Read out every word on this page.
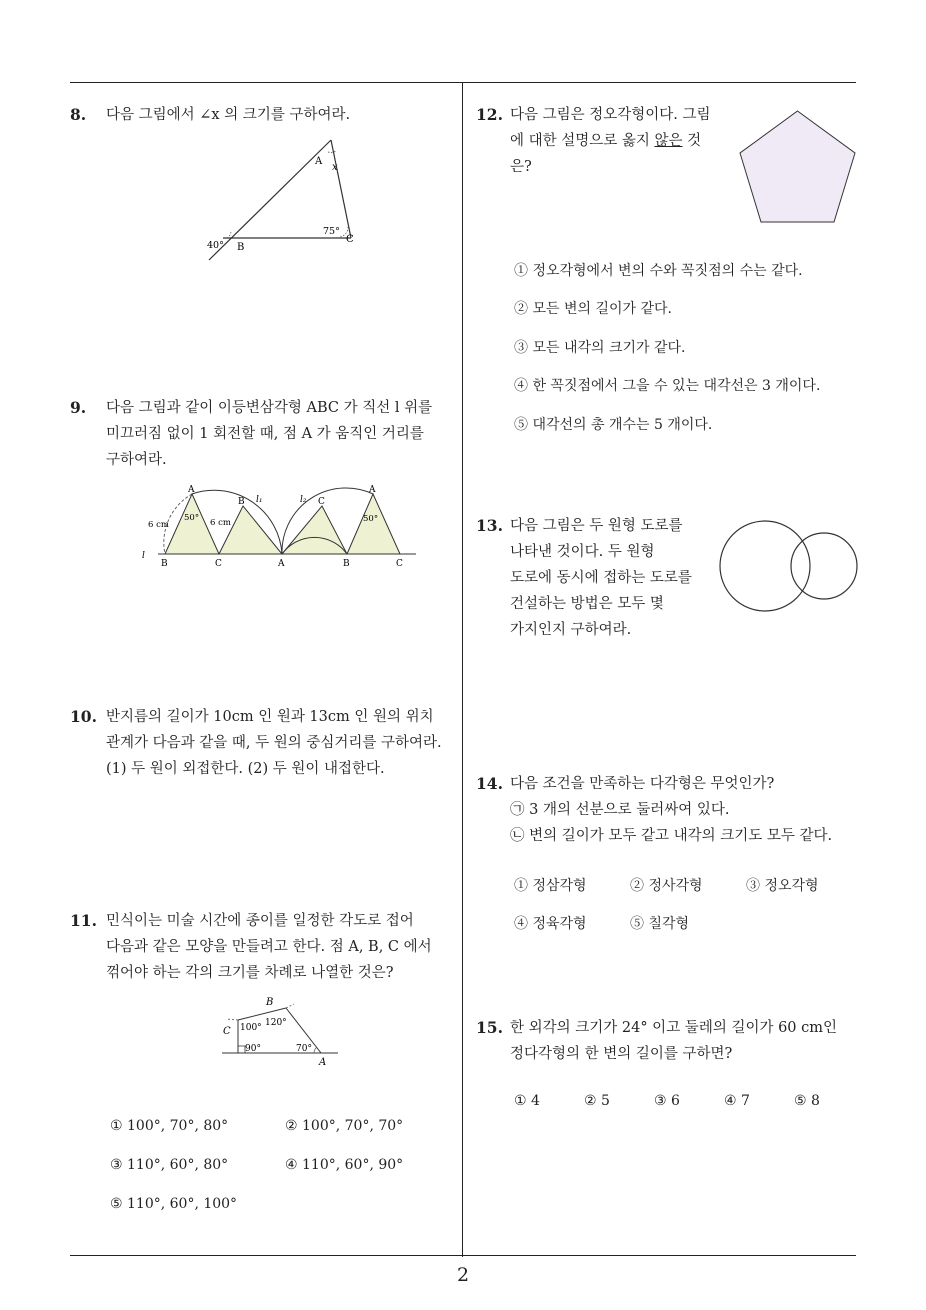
2
8. 다음 그림에서 ∠x 의 크기를 구하여라.
A
x
75°
C
40° B
9. 다음 그림과 같이 이등변삼각형 ABC 가 직선 l 위를
미끄러짐 없이 1 회전할 때, 점 A 가 움직인 거리를
구하여라.
A	A
B	C
l₁	l₂
50°	50°
6 cm	6 cm
l
B	C	A	B	C
10. 반지름의 길이가 10cm 인 원과 13cm 인 원의 위치
관계가 다음과 같을 때, 두 원의 중심거리를 구하여라.
(1) 두 원이 외접한다. (2) 두 원이 내접한다.
11. 민식이는 미술 시간에 종이를 일정한 각도로 접어
다음과 같은 모양을 만들려고 한다. 점 A, B, C 에서
꺾어야 하는 각의 크기를 차례로 나열한 것은?
B
C 100° 120°
90°	70°
A
① 100°, 70°, 80°	② 100°, 70°, 70°
③ 110°, 60°, 80°	④ 110°, 60°, 90°
⑤ 110°, 60°, 100°
12. 다음 그림은 정오각형이다. 그림
에 대한 설명으로 옳지 않은 것
은?
① 정오각형에서 변의 수와 꼭짓점의 수는 같다.
② 모든 변의 길이가 같다.
③ 모든 내각의 크기가 같다.
④ 한 꼭짓점에서 그을 수 있는 대각선은 3 개이다.
⑤ 대각선의 총 개수는 5 개이다.
13. 다음 그림은 두 원형 도로를
나타낸 것이다. 두 원형
도로에 동시에 접하는 도로를
건설하는 방법은 모두 몇
가지인지 구하여라.
14. 다음 조건을 만족하는 다각형은 무엇인가?
㉠ 3 개의 선분으로 둘러싸여 있다.
㉡ 변의 길이가 모두 같고 내각의 크기도 모두 같다.
① 정삼각형	② 정사각형	③ 정오각형
④ 정육각형	⑤ 칠각형
15. 한 외각의 크기가 24° 이고 둘레의 길이가 60 cm인
정다각형의 한 변의 길이를 구하면?
① 4	② 5	③ 6	④ 7	⑤ 8
